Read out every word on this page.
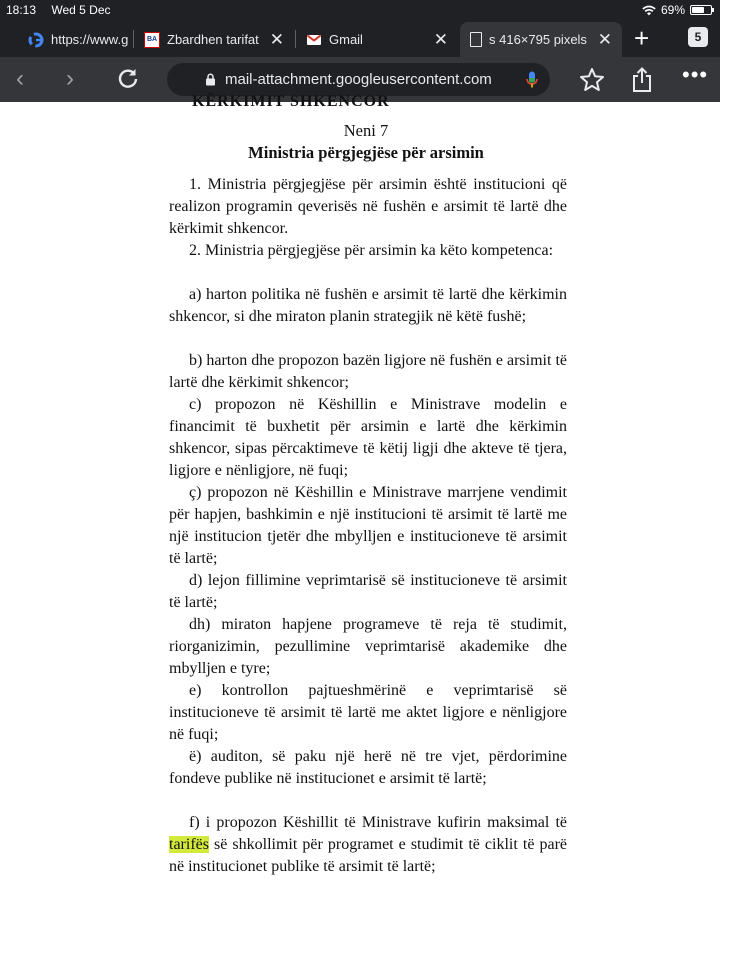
18:13 Wed 5 Dec	69%
https://www.g	BA Zbardhen tarifat ✕	Gmail	✕	s 416×795 pixels ✕ +	5
‹ ›	mail-attachment.googleusercontent.com	•••
KËRKIMIT SHKENCOR
Neni 7
Ministria përgjegjëse për arsimin

1. Ministria përgjegjëse për arsimin është institucioni që realizon programin qeverisës në fushën e arsimit të lartë dhe kërkimit shkencor.

2. Ministria përgjegjëse për arsimin ka këto kompetenca:

a) harton politika në fushën e arsimit të lartë dhe kërkimin shkencor, si dhe miraton planin strategjik në këtë fushë;

b) harton dhe propozon bazën ligjore në fushën e arsimit të lartë dhe kërkimit shkencor;

c) propozon në Këshillin e Ministrave modelin e financimit të buxhetit për arsimin e lartë dhe kërkimin shkencor, sipas përcaktimeve të këtij ligji dhe akteve të tjera, ligjore e nënligjore, në fuqi;

ç) propozon në Këshillin e Ministrave marrjene vendimit për hapjen, bashkimin e një institucioni të arsimit të lartë me një institucion tjetër dhe mbylljen e institucioneve të arsimit të lartë;

d) lejon fillimine veprimtarisë së institucioneve të arsimit të lartë;

dh) miraton hapjene programeve të reja të studimit, riorganizimin, pezullimine veprimtarisë akademike dhe mbylljen e tyre;

e) kontrollon pajtueshmërinë e veprimtarisë së institucioneve të arsimit të lartë me aktet ligjore e nënligjore në fuqi;

ë) auditon, së paku një herë në tre vjet, përdorimine fondeve publike në institucionet e arsimit të lartë;

f) i propozon Këshillit të Ministrave kufirin maksimal të tarifës së shkollimit për programet e studimit të ciklit të parë në institucionet publike të arsimit të lartë;
